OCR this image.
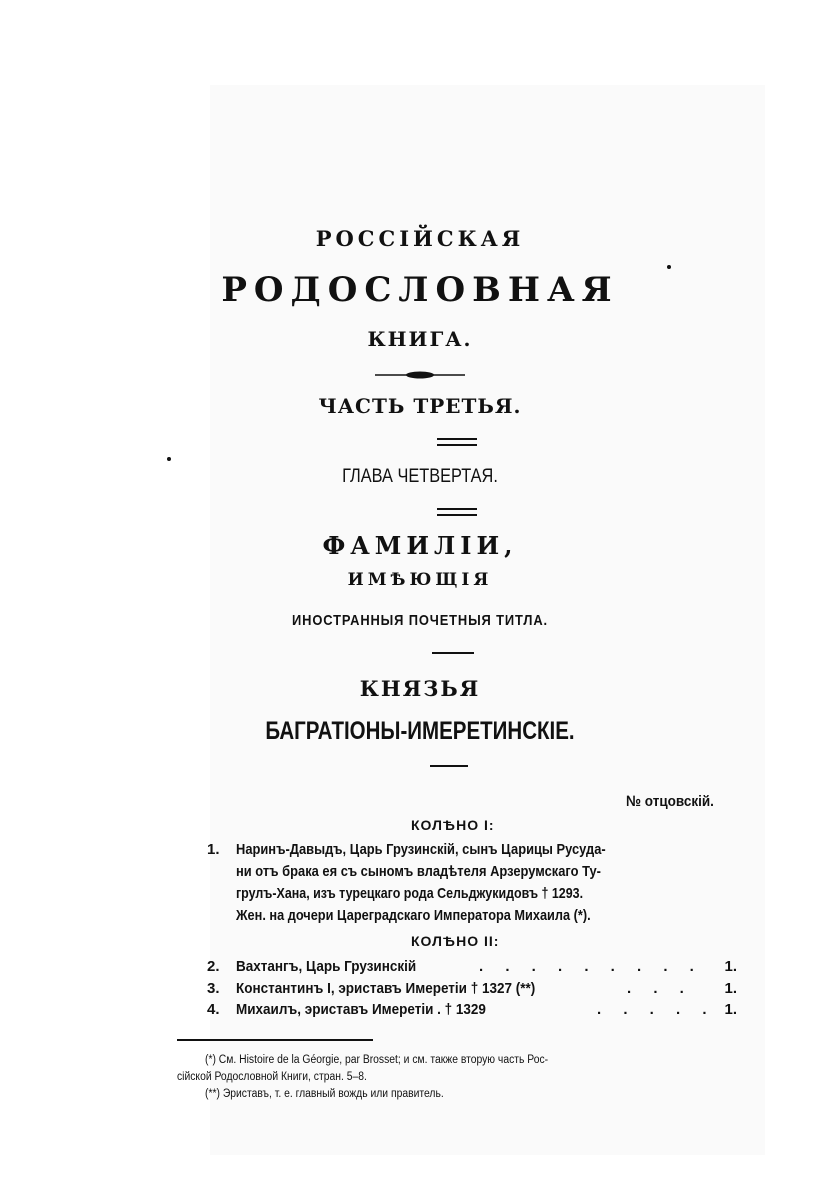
РОССІЙСКАЯ
РОДОСЛОВНАЯ
КНИГА.
ЧАСТЬ ТРЕТЬЯ.
ГЛАВА ЧЕТВЕРТАЯ.
ФАМИЛІИ,
ИМѢЮЩІЯ
ИНОСТРАННЫЯ ПОЧЕТНЫЯ ТИТЛА.
КНЯЗЬЯ
БАГРАТІОНЫ-ИМЕРЕТИНСКІЕ.
№ отцовскій.
КОЛѢНО I:
1. Наринъ-Давыдъ, Царь Грузинскій, сынъ Царицы Русуда-
ни отъ брака ея съ сыномъ владѣтеля Арзерумскаго Ту-
грулъ-Хана, изъ турецкаго рода Сельджукидовъ † 1293.
Жен. на дочери Цареградскаго Императора Михаила (*).
КОЛѢНО II:
2. Вахтангъ, Царь Грузинскій	. . . . . . . . . 1.
3. Константинъ I, эриставъ Имеретіи † 1327 (**)	. . . 1.
4. Михаилъ, эриставъ Имеретіи . † 1329	. . . . . 1.
(*) См. Histoire de la Géorgie, par Brosset; и см. также вторую часть Рос-
сійской Родословной Книги, стран. 5–8.
(**) Эриставъ, т. е. главный вождь или правитель.
